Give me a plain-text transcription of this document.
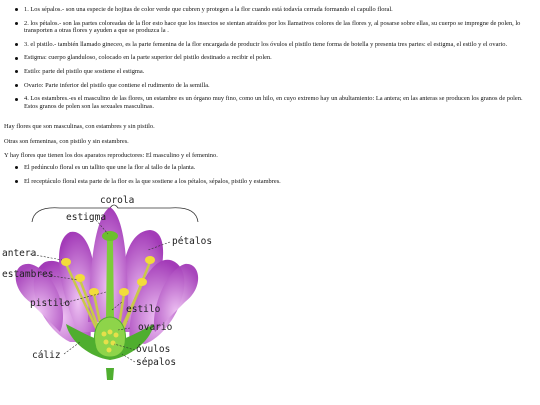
1. Los sépalos.- son una especie de hojitas de color verde que cubren y protegen a la flor cuando está todavía cerrada formando el capullo floral.
2. los pétalos.- son las partes coloreadas de la flor esto hace que los insectos se sientan atraídos por los llamativos colores de las flores y, al posarse sobre ellas, su cuerpo se impregne de polen, lo transporten a otras flores y ayuden a que se produzca la .
3. el pistilo.- también llamado gineceo, es la parte femenina de la flor encargada de producir los óvulos el pistilo tiene forma de botella y presenta tres partes: el estigma, el estilo y el ovario.
Estigma: cuerpo glanduloso, colocado en la parte superior del pistilo destinado a recibir el polen.
Estilo: parte del pistilo que sostiene el estigma.
Ovario: Parte inferior del pistilo que contiene el rudimento de la semilla.
4. Los estambres.-es el masculino de las flores, un estambre es un órgano muy fino, como un hilo, en cuyo extremo hay un abultamiento: La antera; en las anteras se producen los granos de polen. Estos granos de polen son las sexuales masculinas.

Hay flores que son masculinas, con estambres y sin pistilo.

Otras son femeninas, con pistilo y sin estambres.

Y hay flores que tienen los dos aparatos reproductores: El masculino y el femenino.

El pedúnculo floral es un tallito que une la flor al tallo de la planta.
El receptáculo floral esta parte de la flor es la que sostiene a los pétalos, sépalos, pistilo y estambres.
corola
estigma
pétalos
antera
estambres
pistilo
estilo
ovario
cáliz
óvulos
sépalos
